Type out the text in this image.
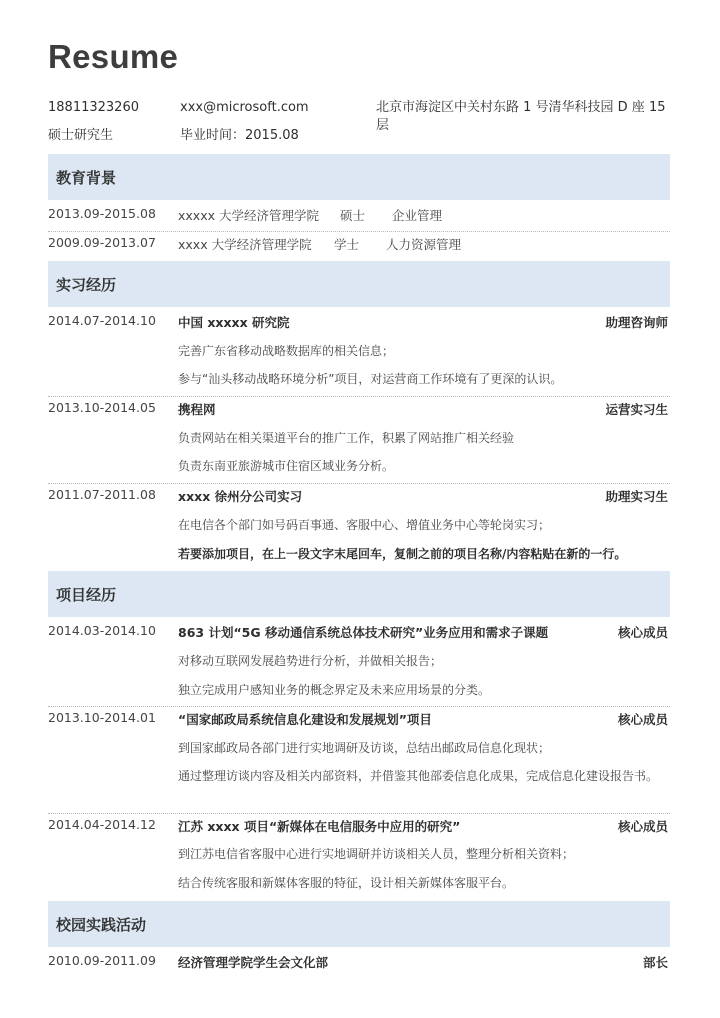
Resume
18811323260	xxx@microsoft.com	北京市海淀区中关村东路 1 号清华科技园 D 座 15 层
硕士研究生	毕业时间：2015.08
教育背景
2013.09-2015.08 xxxxx 大学经济管理学院 硕士 企业管理
2009.09-2013.07 xxxx 大学经济管理学院 学士 人力资源管理
实习经历
2014.07-2014.10 中国 xxxxx 研究院	助理咨询师
完善广东省移动战略数据库的相关信息；
参与“汕头移动战略环境分析”项目，对运营商工作环境有了更深的认识。
2013.10-2014.05 携程网	运营实习生
负责网站在相关渠道平台的推广工作，积累了网站推广相关经验
负责东南亚旅游城市住宿区域业务分析。
2011.07-2011.08 xxxx 徐州分公司实习	助理实习生
在电信各个部门如号码百事通、客服中心、增值业务中心等轮岗实习；
若要添加项目，在上一段文字末尾回车，复制之前的项目名称/内容粘贴在新的一行。
项目经历
2014.03-2014.10 863 计划“5G 移动通信系统总体技术研究”业务应用和需求子课题	核心成员
对移动互联网发展趋势进行分析，并做相关报告；
独立完成用户感知业务的概念界定及未来应用场景的分类。
2013.10-2014.01 “国家邮政局系统信息化建设和发展规划”项目	核心成员
到国家邮政局各部门进行实地调研及访谈，总结出邮政局信息化现状；
通过整理访谈内容及相关内部资料，并借鉴其他部委信息化成果，完成信息化建设报告书。
2014.04-2014.12 江苏 xxxx 项目“新媒体在电信服务中应用的研究”	核心成员
到江苏电信省客服中心进行实地调研并访谈相关人员，整理分析相关资料；
结合传统客服和新媒体客服的特征，设计相关新媒体客服平台。
校园实践活动
2010.09-2011.09 经济管理学院学生会文化部	部长
